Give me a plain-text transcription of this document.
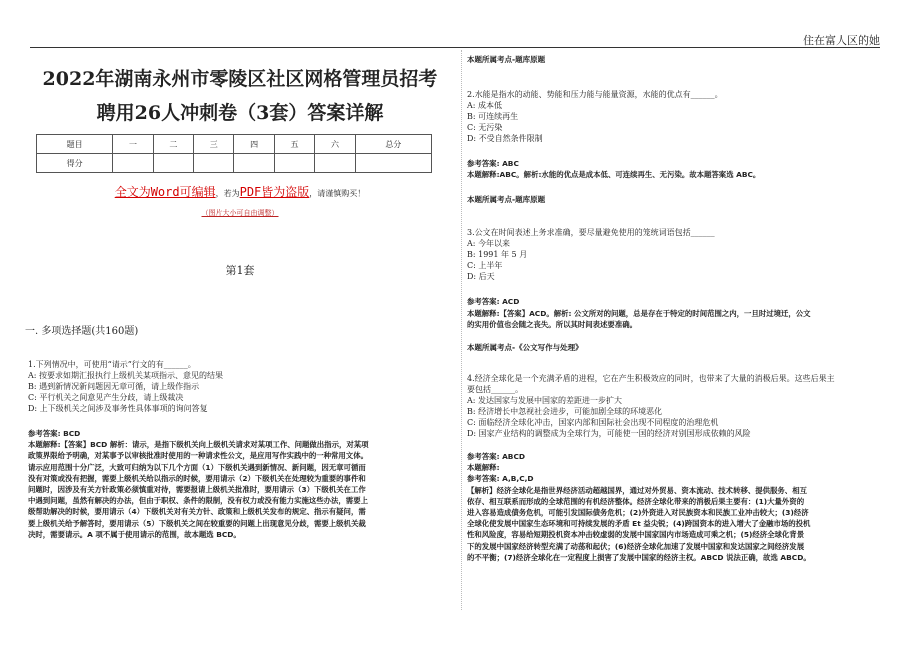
住在富人区的她
2022年湖南永州市零陵区社区网格管理员招考
聘用26人冲刺卷（3套）答案详解
题目	一	二	三	四	五	六	总分
得分							
全文为Word可编辑，若为PDF皆为盗版，请谨慎购买！
（图片大小可自由调整）
第1套
一. 多项选择题(共160题)
1.下列情况中，可使用“请示”行文的有______。
A: 按要求如期汇报执行上级机关某项指示、意见的结果
B: 遇到新情况新问题因无章可循，请上级作指示
C: 平行机关之间意见产生分歧，请上级裁决
D: 上下级机关之间涉及事务性具体事项的询问答复
参考答案: BCD
本题解释:【答案】BCD 解析：请示，是指下级机关向上级机关请求对某项工作、问题做出指示，对某项
政策界限给予明确，对某事予以审核批准时使用的一种请求性公文，是应用写作实践中的一种常用文体。
请示应用范围十分广泛，大致可归纳为以下几个方面（1）下级机关遇到新情况、新问题，因无章可循而
没有对策或没有把握，需要上级机关给以指示的时候，要用请示（2）下级机关在处理较为重要的事件和
问题时，因涉及有关方针政策必须慎重对待，需要报请上级机关批准时，要用请示（3）下级机关在工作
中遇到问题，虽然有解决的办法，但由于职权、条件的限制，没有权力或没有能力实施这些办法，需要上
级帮助解决的时候，要用请示（4）下级机关对有关方针、政策和上级机关发布的规定、指示有疑问，需
要上级机关给予解答时，要用请示（5）下级机关之间在较重要的问题上出现意见分歧，需要上级机关裁
决时，需要请示。A 项不属于使用请示的范围，故本题选 BCD。
本题所属考点-题库原题
2.水能是指水的动能、势能和压力能与能量资源，水能的优点有______。
A: 成本低
B: 可连续再生
C: 无污染
D: 不受自然条件限制
参考答案: ABC
本题解释:ABC。解析:水能的优点是成本低、可连续再生、无污染。故本题答案选 ABC。
本题所属考点-题库原题
3.公文在时间表述上务求准确，要尽量避免使用的笼统词语包括______
A: 今年以来
B: 1991 年 5 月
C: 上半年
D: 后天
参考答案: ACD
本题解释:【答案】ACD。解析: 公文所对的问题，总是存在于特定的时间范围之内，一旦时过境迁，公文
的实用价值也会随之丧失。所以其时间表述要准确。
本题所属考点-《公文写作与处理》
4.经济全球化是一个充满矛盾的进程，它在产生积极效应的同时，也带来了大量的消极后果。这些后果主
要包括______。
A: 发达国家与发展中国家的差距进一步扩大
B: 经济增长中忽视社会进步，可能加剧全球的环境恶化
C: 面临经济全球化冲击，国家内部和国际社会出现不同程度的治理危机
D: 国家产业结构的调整成为全球行为，可能使一国的经济对别国形成依赖的风险
参考答案: ABCD
本题解释:
参考答案: A,B,C,D
【解析】经济全球化是指世界经济活动超越国界，通过对外贸易、资本流动、技术转移、提供服务、相互
依存、相互联系而形成的全球范围的有机经济整体。经济全球化带来的消极后果主要有：(1)大量外资的
进入容易造成债务危机，可能引发国际债务危机；(2)外资进入对民族资本和民族工业冲击较大；(3)经济
全球化使发展中国家生态环境和可持续发展的矛盾 Et 益尖锐；(4)跨国资本的进入增大了金融市场的投机
性和风险度，容易给短期投机资本冲击较虚弱的发展中国家国内市场造成可乘之机；(5)经济全球化背景
下的发展中国家经济转型充满了动荡和起伏；(6)经济全球化加速了发展中国家和发达国家之间经济发展
的不平衡；(7)经济全球化在一定程度上损害了发展中国家的经济主权。ABCD 说法正确，故选 ABCD。
